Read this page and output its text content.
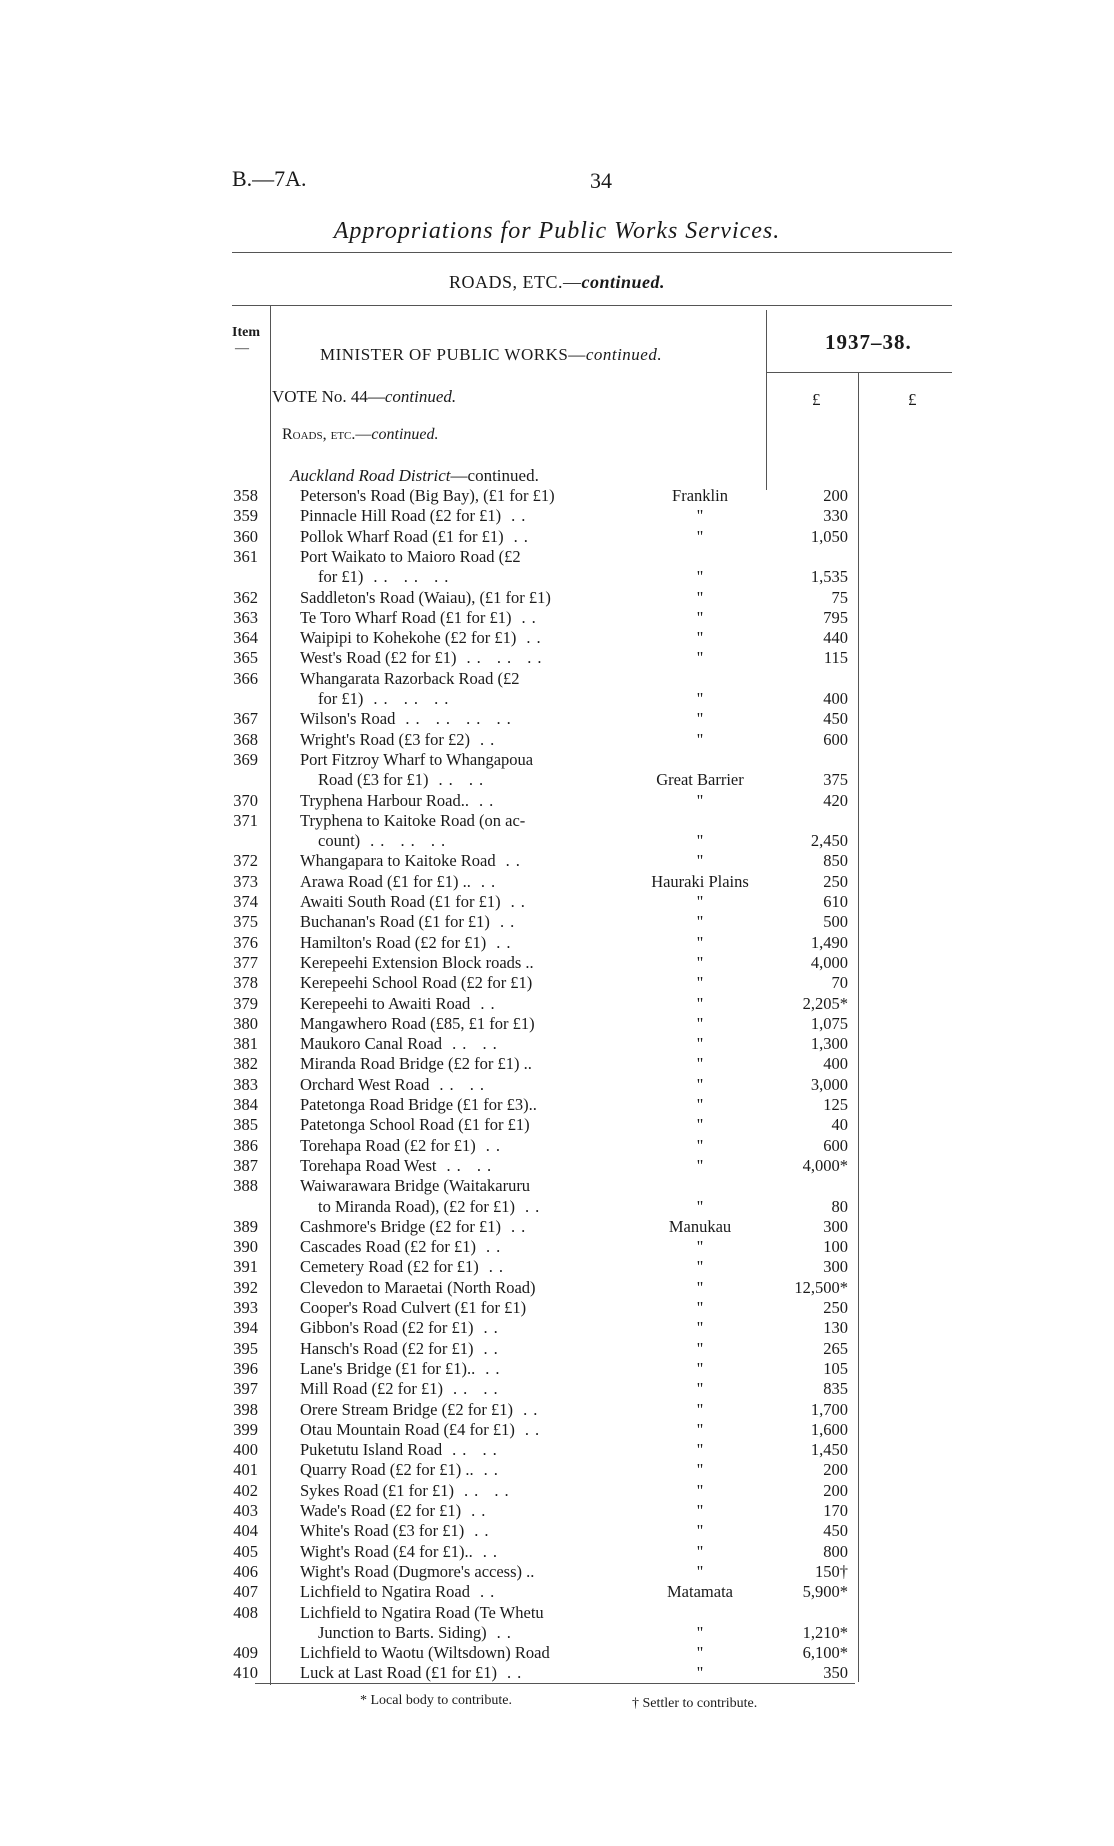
B.—7A.	34
Appropriations for Public Works Services.
ROADS, ETC.—continued.
Item
—	MINISTER OF PUBLIC WORKS—continued.
1937–38.
£	£
VOTE No. 44—continued.
Roads, etc.—continued.
Auckland Road District—continued.
358	Peterson's Road (Big Bay), (£1 for £1)	Franklin	200
359	Pinnacle Hill Road (£2 for £1) ..	"	330
360	Pollok Wharf Road (£1 for £1) ..	"	1,050
361	Port Waikato to Maioro Road (£2
for £1) .. .. ..	"	1,535
362	Saddleton's Road (Waiau), (£1 for £1)	"	75
363	Te Toro Wharf Road (£1 for £1) ..	"	795
364	Waipipi to Kohekohe (£2 for £1) ..	"	440
365	West's Road (£2 for £1) .. .. ..	"	115
366	Whangarata Razorback Road (£2
for £1) .. .. ..	"	400
367	Wilson's Road .. .. .. ..	"	450
368	Wright's Road (£3 for £2) ..	"	600
369	Port Fitzroy Wharf to Whangapoua
Road (£3 for £1) .. ..	Great Barrier	375
370	Tryphena Harbour Road.. ..	"	420
371	Tryphena to Kaitoke Road (on ac-
count) .. .. ..	"	2,450
372	Whangapara to Kaitoke Road ..	"	850
373	Arawa Road (£1 for £1) .. ..	Hauraki Plains	250
374	Awaiti South Road (£1 for £1) ..	"	610
375	Buchanan's Road (£1 for £1) ..	"	500
376	Hamilton's Road (£2 for £1) ..	"	1,490
377	Kerepeehi Extension Block roads ..	"	4,000
378	Kerepeehi School Road (£2 for £1)	"	70
379	Kerepeehi to Awaiti Road ..	"	2,205*
380	Mangawhero Road (£85, £1 for £1)	"	1,075
381	Maukoro Canal Road .. ..	"	1,300
382	Miranda Road Bridge (£2 for £1) ..	"	400
383	Orchard West Road .. ..	"	3,000
384	Patetonga Road Bridge (£1 for £3)..	"	125
385	Patetonga School Road (£1 for £1)	"	40
386	Torehapa Road (£2 for £1) ..	"	600
387	Torehapa Road West .. ..	"	4,000*
388	Waiwarawara Bridge (Waitakaruru
to Miranda Road), (£2 for £1) ..	"	80
389	Cashmore's Bridge (£2 for £1) ..	Manukau	300
390	Cascades Road (£2 for £1) ..	"	100
391	Cemetery Road (£2 for £1) ..	"	300
392	Clevedon to Maraetai (North Road)	"	12,500*
393	Cooper's Road Culvert (£1 for £1)	"	250
394	Gibbon's Road (£2 for £1) ..	"	130
395	Hansch's Road (£2 for £1) ..	"	265
396	Lane's Bridge (£1 for £1).. ..	"	105
397	Mill Road (£2 for £1) .. ..	"	835
398	Orere Stream Bridge (£2 for £1) ..	"	1,700
399	Otau Mountain Road (£4 for £1) ..	"	1,600
400	Puketutu Island Road .. ..	"	1,450
401	Quarry Road (£2 for £1) .. ..	"	200
402	Sykes Road (£1 for £1) .. ..	"	200
403	Wade's Road (£2 for £1) ..	"	170
404	White's Road (£3 for £1) ..	"	450
405	Wight's Road (£4 for £1).. ..	"	800
406	Wight's Road (Dugmore's access) ..	"	150†
407	Lichfield to Ngatira Road ..	Matamata	5,900*
408	Lichfield to Ngatira Road (Te Whetu
Junction to Barts. Siding) ..	"	1,210*
409	Lichfield to Waotu (Wiltsdown) Road	"	6,100*
410	Luck at Last Road (£1 for £1) ..	"	350
* Local body to contribute.	† Settler to contribute.
